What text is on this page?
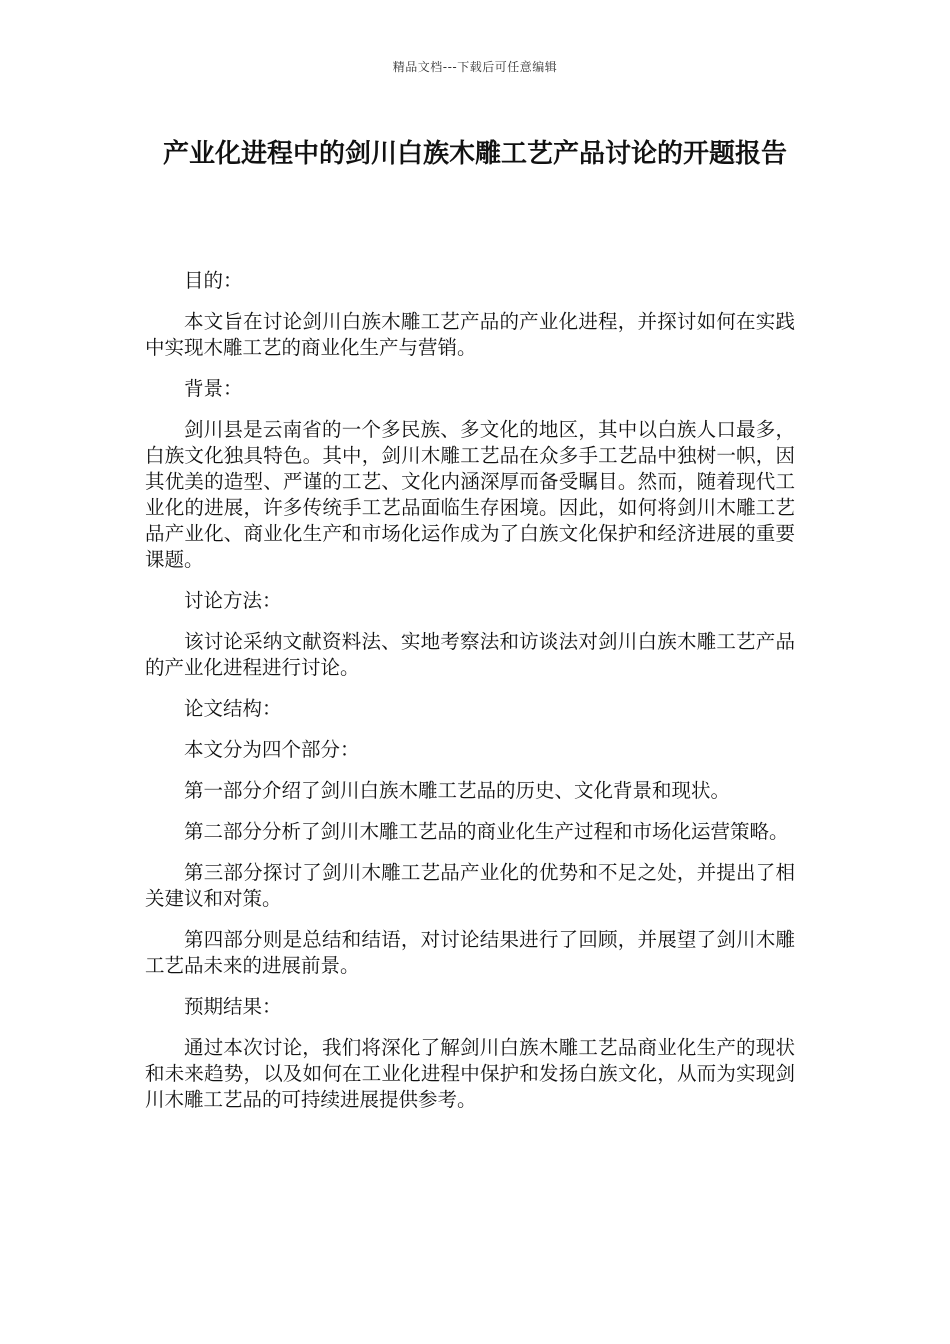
精品文档---下载后可任意编辑
产业化进程中的剑川白族木雕工艺产品讨论的开题报告

目的：

本文旨在讨论剑川白族木雕工艺产品的产业化进程，并探讨如何在实践中实现木雕工艺的商业化生产与营销。

背景：

剑川县是云南省的一个多民族、多文化的地区，其中以白族人口最多，白族文化独具特色。其中，剑川木雕工艺品在众多手工艺品中独树一帜，因其优美的造型、严谨的工艺、文化内涵深厚而备受瞩目。然而，随着现代工业化的进展，许多传统手工艺品面临生存困境。因此，如何将剑川木雕工艺品产业化、商业化生产和市场化运作成为了白族文化保护和经济进展的重要课题。

讨论方法：

该讨论采纳文献资料法、实地考察法和访谈法对剑川白族木雕工艺产品的产业化进程进行讨论。

论文结构：

本文分为四个部分：

第一部分介绍了剑川白族木雕工艺品的历史、文化背景和现状。

第二部分分析了剑川木雕工艺品的商业化生产过程和市场化运营策略。

第三部分探讨了剑川木雕工艺品产业化的优势和不足之处，并提出了相关建议和对策。

第四部分则是总结和结语，对讨论结果进行了回顾，并展望了剑川木雕工艺品未来的进展前景。

预期结果：

通过本次讨论，我们将深化了解剑川白族木雕工艺品商业化生产的现状和未来趋势，以及如何在工业化进程中保护和发扬白族文化，从而为实现剑川木雕工艺品的可持续进展提供参考。
